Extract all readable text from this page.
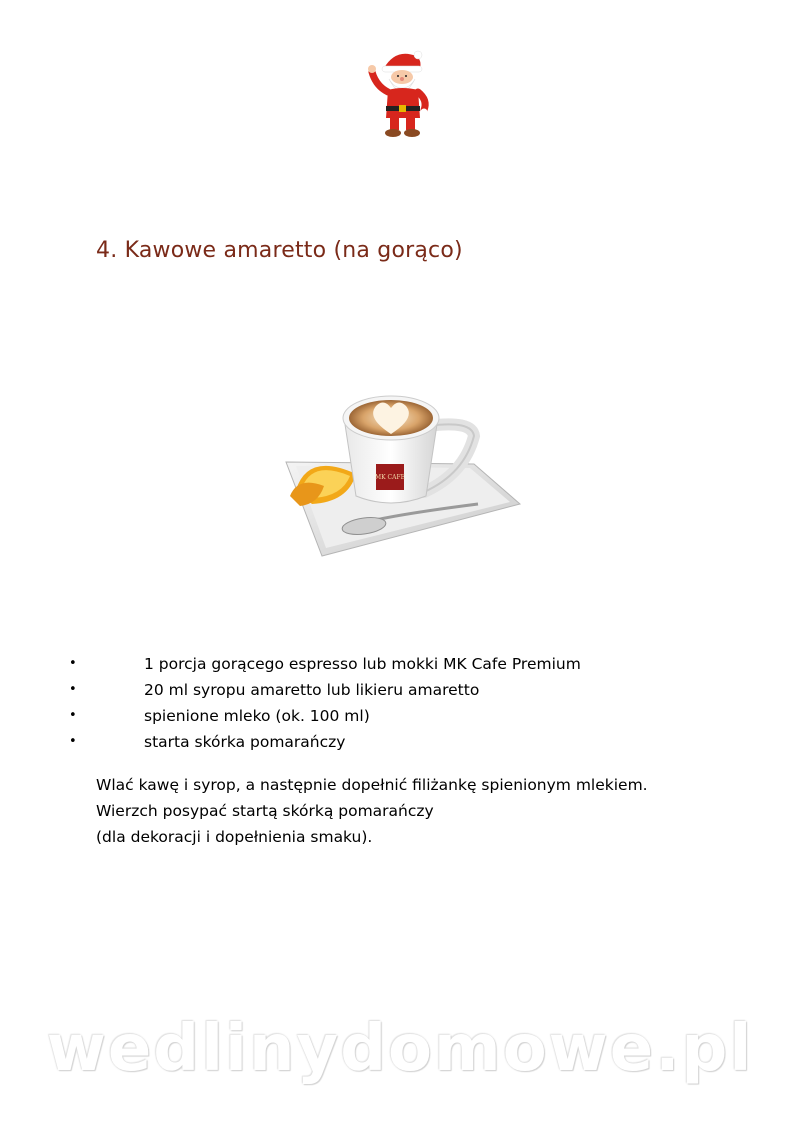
4. Kawowe amaretto (na gorąco)
MK CAFE
•	1 porcja gorącego espresso lub mokki MK Cafe Premium
•	20 ml syropu amaretto lub likieru amaretto
•	spienione mleko (ok. 100 ml)
•	starta skórka pomarańczy

Wlać kawę i syrop, a następnie dopełnić filiżankę spienionym mlekiem.
Wierzch posypać startą skórką pomarańczy
(dla dekoracji i dopełnienia smaku).

wedlinydomowe.pl
